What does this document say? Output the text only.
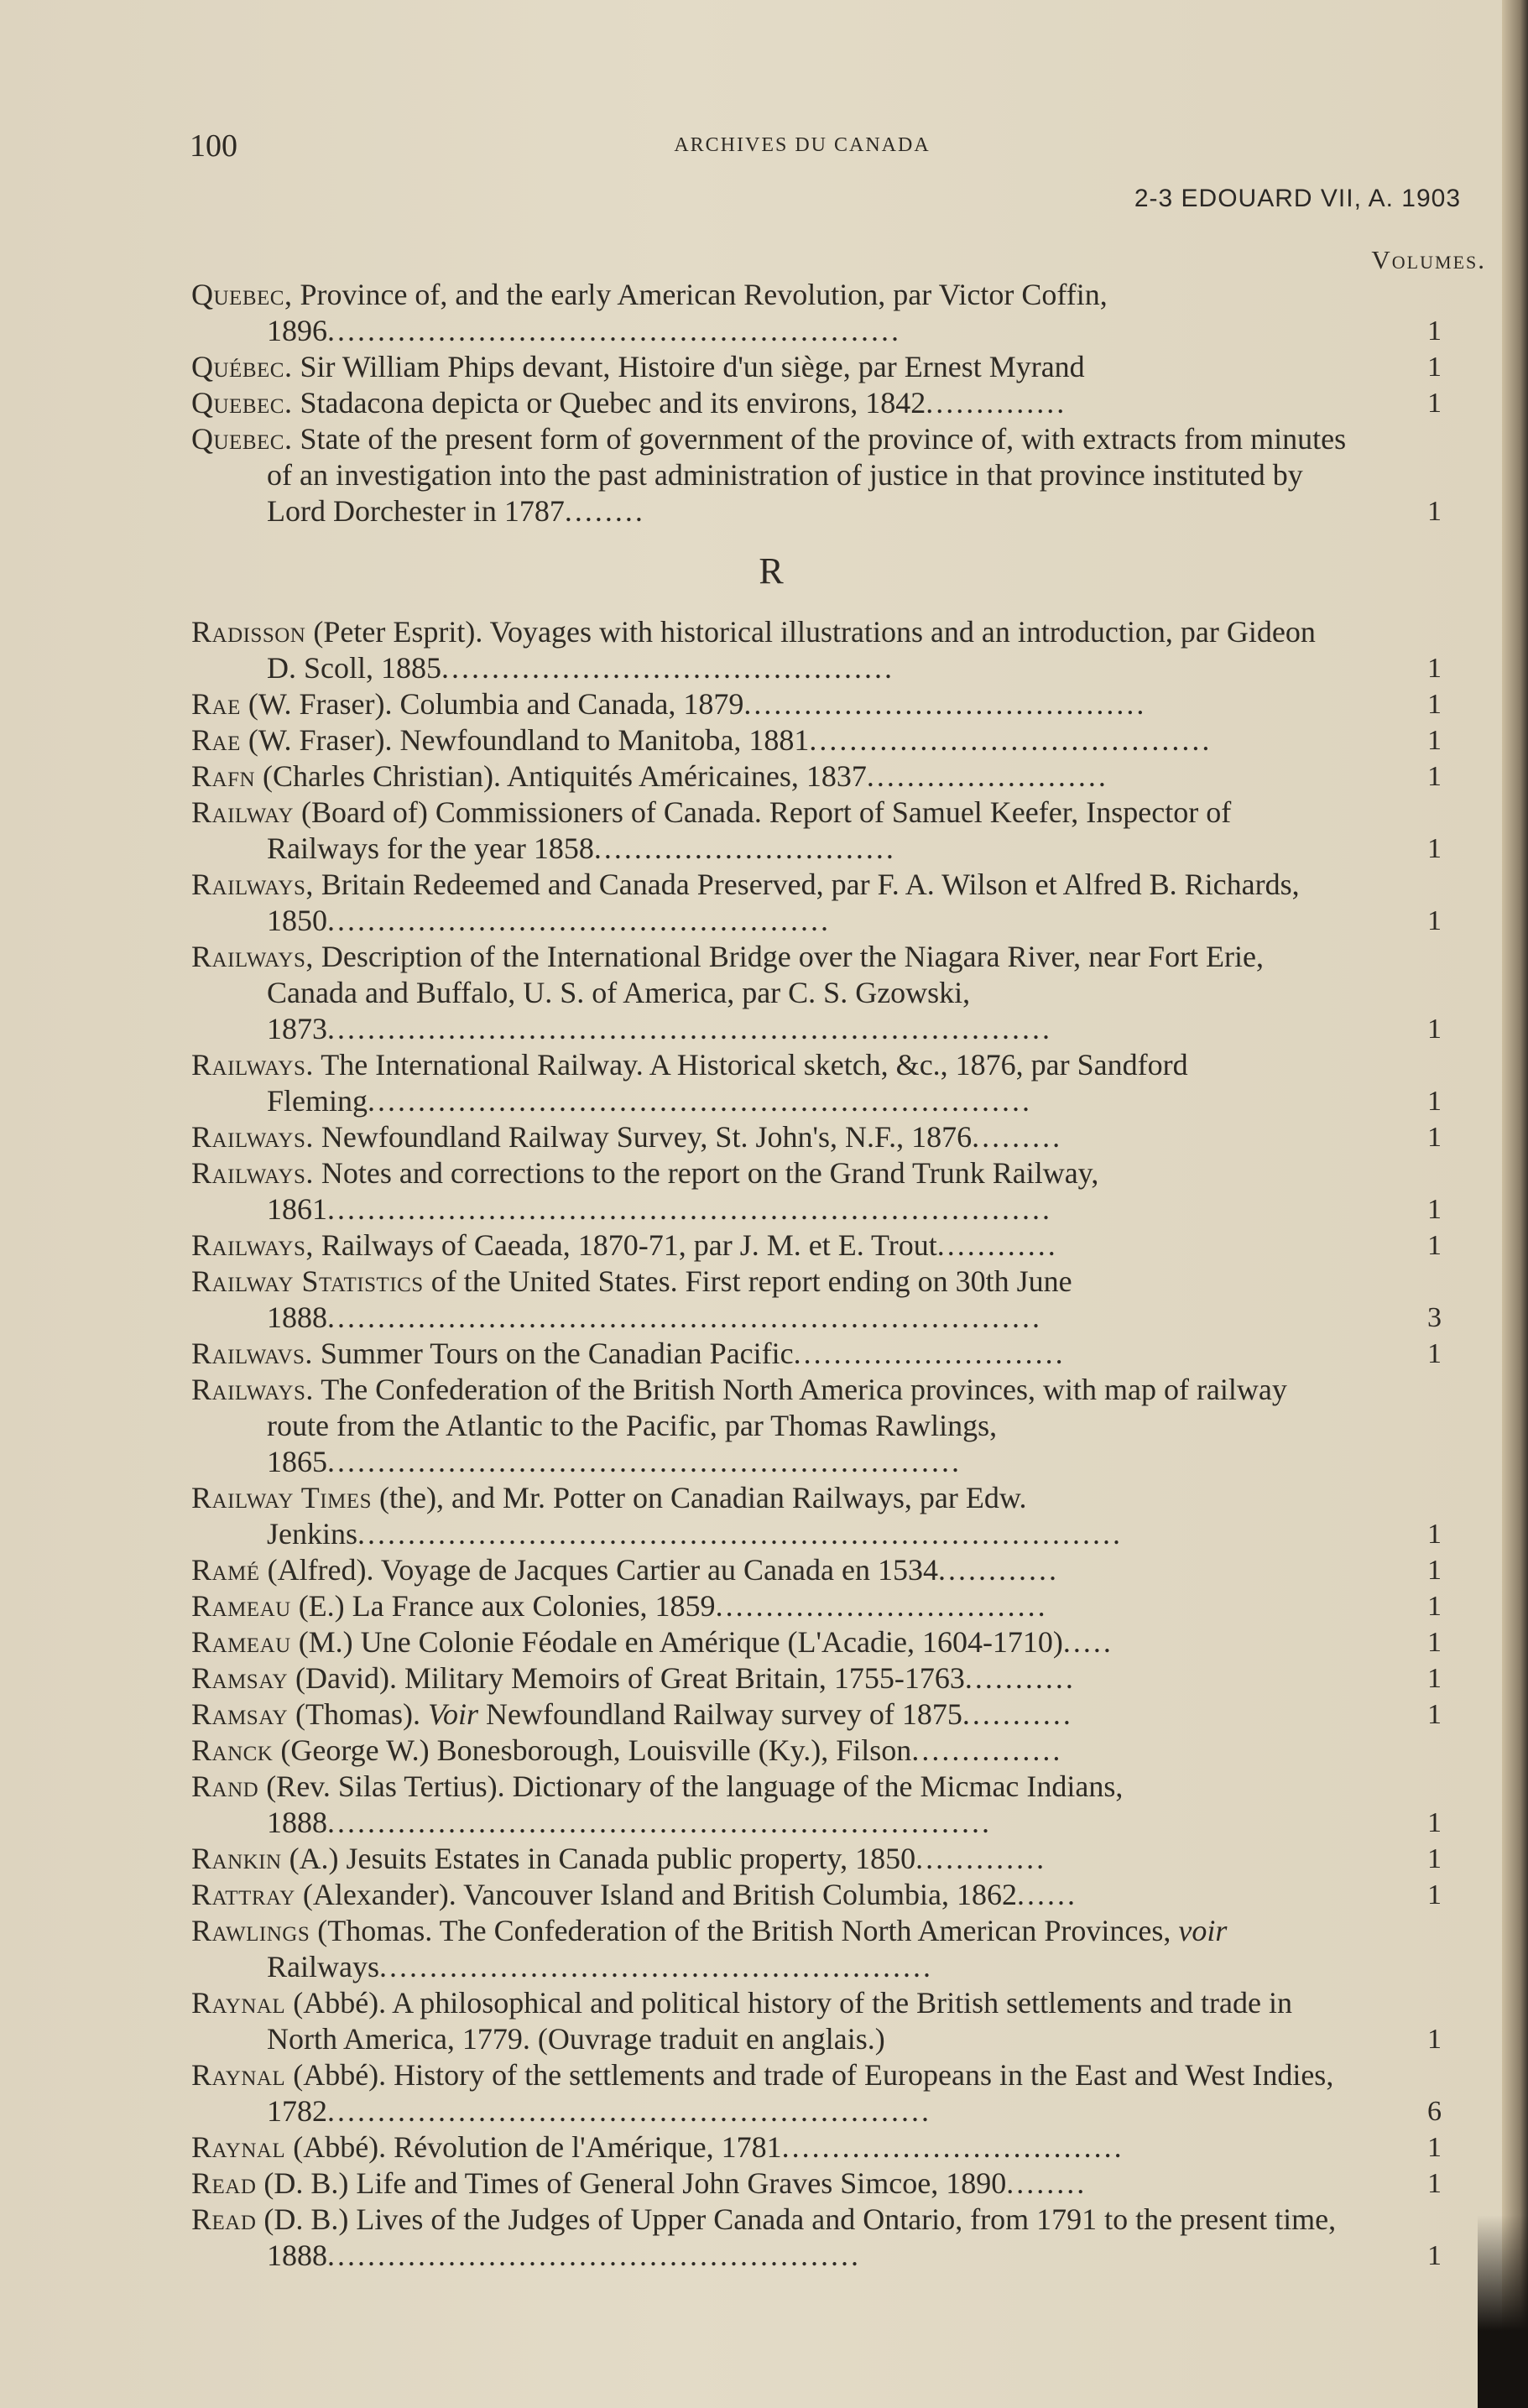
100	ARCHIVES DU CANADA
2-3 EDOUARD VII, A. 1903
Volumes.
Quebec, Province of, and the early American Revolution, par Victor Coffin, 1896.........................................................	1
Québec. Sir William Phips devant, Histoire d'un siège, par Ernest Myrand	1
Quebec. Stadacona depicta or Quebec and its environs, 1842..............	1
Quebec. State of the present form of government of the province of, with extracts from minutes of an investigation into the past administration of justice in that province instituted by Lord Dorchester in 1787........	1
R
Radisson (Peter Esprit). Voyages with historical illustrations and an introduction, par Gideon D. Scoll, 1885.............................................	1
Rae (W. Fraser). Columbia and Canada, 1879........................................	1
Rae (W. Fraser). Newfoundland to Manitoba, 1881........................................	1
Rafn (Charles Christian). Antiquités Américaines, 1837........................	1
Railway (Board of) Commissioners of Canada. Report of Samuel Keefer, Inspector of Railways for the year 1858..............................	1
Railways, Britain Redeemed and Canada Preserved, par F. A. Wilson et Alfred B. Richards, 1850..................................................	1
Railways, Description of the International Bridge over the Niagara River, near Fort Erie, Canada and Buffalo, U. S. of America, par C. S. Gzowski, 1873........................................................................	1
Railways. The International Railway. A Historical sketch, &c., 1876, par Sandford Fleming..................................................................	1
Railways. Newfoundland Railway Survey, St. John's, N.F., 1876.........	1
Railways. Notes and corrections to the report on the Grand Trunk Railway, 1861........................................................................	1
Railways, Railways of Caeada, 1870-71, par J. M. et E. Trout............	1
Railway Statistics of the United States. First report ending on 30th June 1888.......................................................................	3
Railwavs. Summer Tours on the Canadian Pacific...........................	1
Railways. The Confederation of the British North America provinces, with map of railway route from the Atlantic to the Pacific, par Thomas Rawlings, 1865...............................................................
Railway Times (the), and Mr. Potter on Canadian Railways, par Edw. Jenkins............................................................................	1
Ramé (Alfred). Voyage de Jacques Cartier au Canada en 1534............	1
Rameau (E.) La France aux Colonies, 1859.................................	1
Rameau (M.) Une Colonie Féodale en Amérique (L'Acadie, 1604-1710).....	1
Ramsay (David). Military Memoirs of Great Britain, 1755-1763...........	1
Ramsay (Thomas). Voir Newfoundland Railway survey of 1875...........	1
Ranck (George W.) Bonesborough, Louisville (Ky.), Filson...............
Rand (Rev. Silas Tertius). Dictionary of the language of the Micmac Indians, 1888..................................................................	1
Rankin (A.) Jesuits Estates in Canada public property, 1850.............	1
Rattray (Alexander). Vancouver Island and British Columbia, 1862......	1
Rawlings (Thomas. The Confederation of the British North American Provinces, voir Railways.......................................................
Raynal (Abbé). A philosophical and political history of the British settlements and trade in North America, 1779. (Ouvrage traduit en anglais.)	1
Raynal (Abbé). History of the settlements and trade of Europeans in the East and West Indies, 1782............................................................	6
Raynal (Abbé). Révolution de l'Amérique, 1781..................................	1
Read (D. B.) Life and Times of General John Graves Simcoe, 1890........	1
Read (D. B.) Lives of the Judges of Upper Canada and Ontario, from 1791 to the present time, 1888.....................................................	1
